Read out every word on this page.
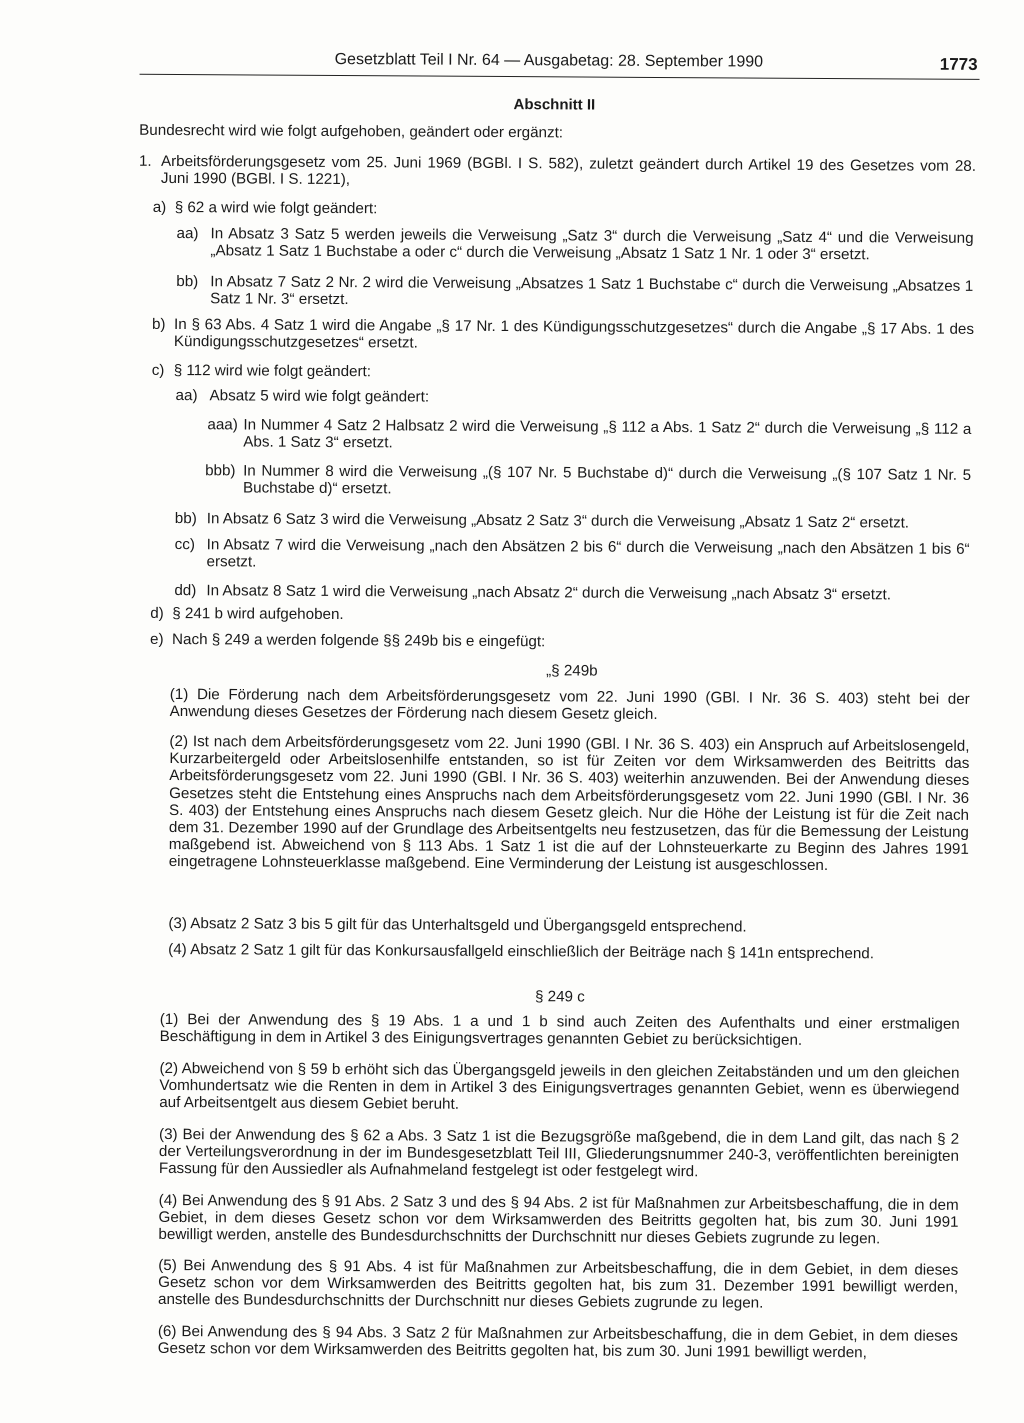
Gesetzblatt Teil I Nr. 64 — Ausgabetag: 28. September 1990	1773
Abschnitt II
Bundesrecht wird wie folgt aufgehoben, geändert oder ergänzt:
1. Arbeitsförderungsgesetz vom 25. Juni 1969 (BGBl. I S. 582), zuletzt geändert durch Artikel 19 des Gesetzes vom 28. Juni 1990 (BGBl. I S. 1221),
a) § 62 a wird wie folgt geändert:
aa) In Absatz 3 Satz 5 werden jeweils die Verweisung „Satz 3“ durch die Verweisung „Satz 4“ und die Verweisung „Absatz 1 Satz 1 Buchstabe a oder c“ durch die Verweisung „Absatz 1 Satz 1 Nr. 1 oder 3“ ersetzt.
bb) In Absatz 7 Satz 2 Nr. 2 wird die Verweisung „Absatzes 1 Satz 1 Buchstabe c“ durch die Verweisung „Absatzes 1 Satz 1 Nr. 3“ ersetzt.
b) In § 63 Abs. 4 Satz 1 wird die Angabe „§ 17 Nr. 1 des Kündigungsschutzgesetzes“ durch die Angabe „§ 17 Abs. 1 des Kündigungsschutzgesetzes“ ersetzt.
c) § 112 wird wie folgt geändert:
aa) Absatz 5 wird wie folgt geändert:
aaa) In Nummer 4 Satz 2 Halbsatz 2 wird die Verweisung „§ 112 a Abs. 1 Satz 2“ durch die Verweisung „§ 112 a Abs. 1 Satz 3“ ersetzt.
bbb) In Nummer 8 wird die Verweisung „(§ 107 Nr. 5 Buchstabe d)“ durch die Verweisung „(§ 107 Satz 1 Nr. 5 Buchstabe d)“ ersetzt.
bb) In Absatz 6 Satz 3 wird die Verweisung „Absatz 2 Satz 3“ durch die Verweisung „Absatz 1 Satz 2“ ersetzt.
cc) In Absatz 7 wird die Verweisung „nach den Absätzen 2 bis 6“ durch die Verweisung „nach den Absätzen 1 bis 6“ ersetzt.
dd) In Absatz 8 Satz 1 wird die Verweisung „nach Absatz 2“ durch die Verweisung „nach Absatz 3“ ersetzt.
d) § 241 b wird aufgehoben.
e) Nach § 249 a werden folgende §§ 249b bis e eingefügt:
„§ 249b
(1) Die Förderung nach dem Arbeitsförderungsgesetz vom 22. Juni 1990 (GBl. I Nr. 36 S. 403) steht bei der Anwendung dieses Gesetzes der Förderung nach diesem Gesetz gleich.
(2) Ist nach dem Arbeitsförderungsgesetz vom 22. Juni 1990 (GBl. I Nr. 36 S. 403) ein Anspruch auf Arbeitslosengeld, Kurzarbeitergeld oder Arbeitslosenhilfe entstanden, so ist für Zeiten vor dem Wirksamwerden des Beitritts das Arbeitsförderungsgesetz vom 22. Juni 1990 (GBl. I Nr. 36 S. 403) weiterhin anzuwenden. Bei der Anwendung dieses Gesetzes steht die Entstehung eines Anspruchs nach dem Arbeitsförderungsgesetz vom 22. Juni 1990 (GBl. I Nr. 36 S. 403) der Entstehung eines Anspruchs nach diesem Gesetz gleich. Nur die Höhe der Leistung ist für die Zeit nach dem 31. Dezember 1990 auf der Grundlage des Arbeitsentgelts neu festzusetzen, das für die Bemessung der Leistung maßgebend ist. Abweichend von § 113 Abs. 1 Satz 1 ist die auf der Lohnsteuerkarte zu Beginn des Jahres 1991 eingetragene Lohnsteuerklasse maßgebend. Eine Verminderung der Leistung ist ausgeschlossen.
(3) Absatz 2 Satz 3 bis 5 gilt für das Unterhaltsgeld und Übergangsgeld entsprechend.
(4) Absatz 2 Satz 1 gilt für das Konkursausfallgeld einschließlich der Beiträge nach § 141n entsprechend.
§ 249 c
(1) Bei der Anwendung des § 19 Abs. 1 a und 1 b sind auch Zeiten des Aufenthalts und einer erstmaligen Beschäftigung in dem in Artikel 3 des Einigungsvertrages genannten Gebiet zu berücksichtigen.
(2) Abweichend von § 59 b erhöht sich das Übergangsgeld jeweils in den gleichen Zeitabständen und um den gleichen Vomhundertsatz wie die Renten in dem in Artikel 3 des Einigungsvertrages genannten Gebiet, wenn es überwiegend auf Arbeitsentgelt aus diesem Gebiet beruht.
(3) Bei der Anwendung des § 62 a Abs. 3 Satz 1 ist die Bezugsgröße maßgebend, die in dem Land gilt, das nach § 2 der Verteilungsverordnung in der im Bundesgesetzblatt Teil III, Gliederungsnummer 240-3, veröffentlichten bereinigten Fassung für den Aussiedler als Aufnahmeland festgelegt ist oder festgelegt wird.
(4) Bei Anwendung des § 91 Abs. 2 Satz 3 und des § 94 Abs. 2 ist für Maßnahmen zur Arbeitsbeschaffung, die in dem Gebiet, in dem dieses Gesetz schon vor dem Wirksamwerden des Beitritts gegolten hat, bis zum 30. Juni 1991 bewilligt werden, anstelle des Bundesdurchschnitts der Durchschnitt nur dieses Gebiets zugrunde zu legen.
(5) Bei Anwendung des § 91 Abs. 4 ist für Maßnahmen zur Arbeitsbeschaffung, die in dem Gebiet, in dem dieses Gesetz schon vor dem Wirksamwerden des Beitritts gegolten hat, bis zum 31. Dezember 1991 bewilligt werden, anstelle des Bundesdurchschnitts der Durchschnitt nur dieses Gebiets zugrunde zu legen.
(6) Bei Anwendung des § 94 Abs. 3 Satz 2 für Maßnahmen zur Arbeitsbeschaffung, die in dem Gebiet, in dem dieses Gesetz schon vor dem Wirksamwerden des Beitritts gegolten hat, bis zum 30. Juni 1991 bewilligt werden,
